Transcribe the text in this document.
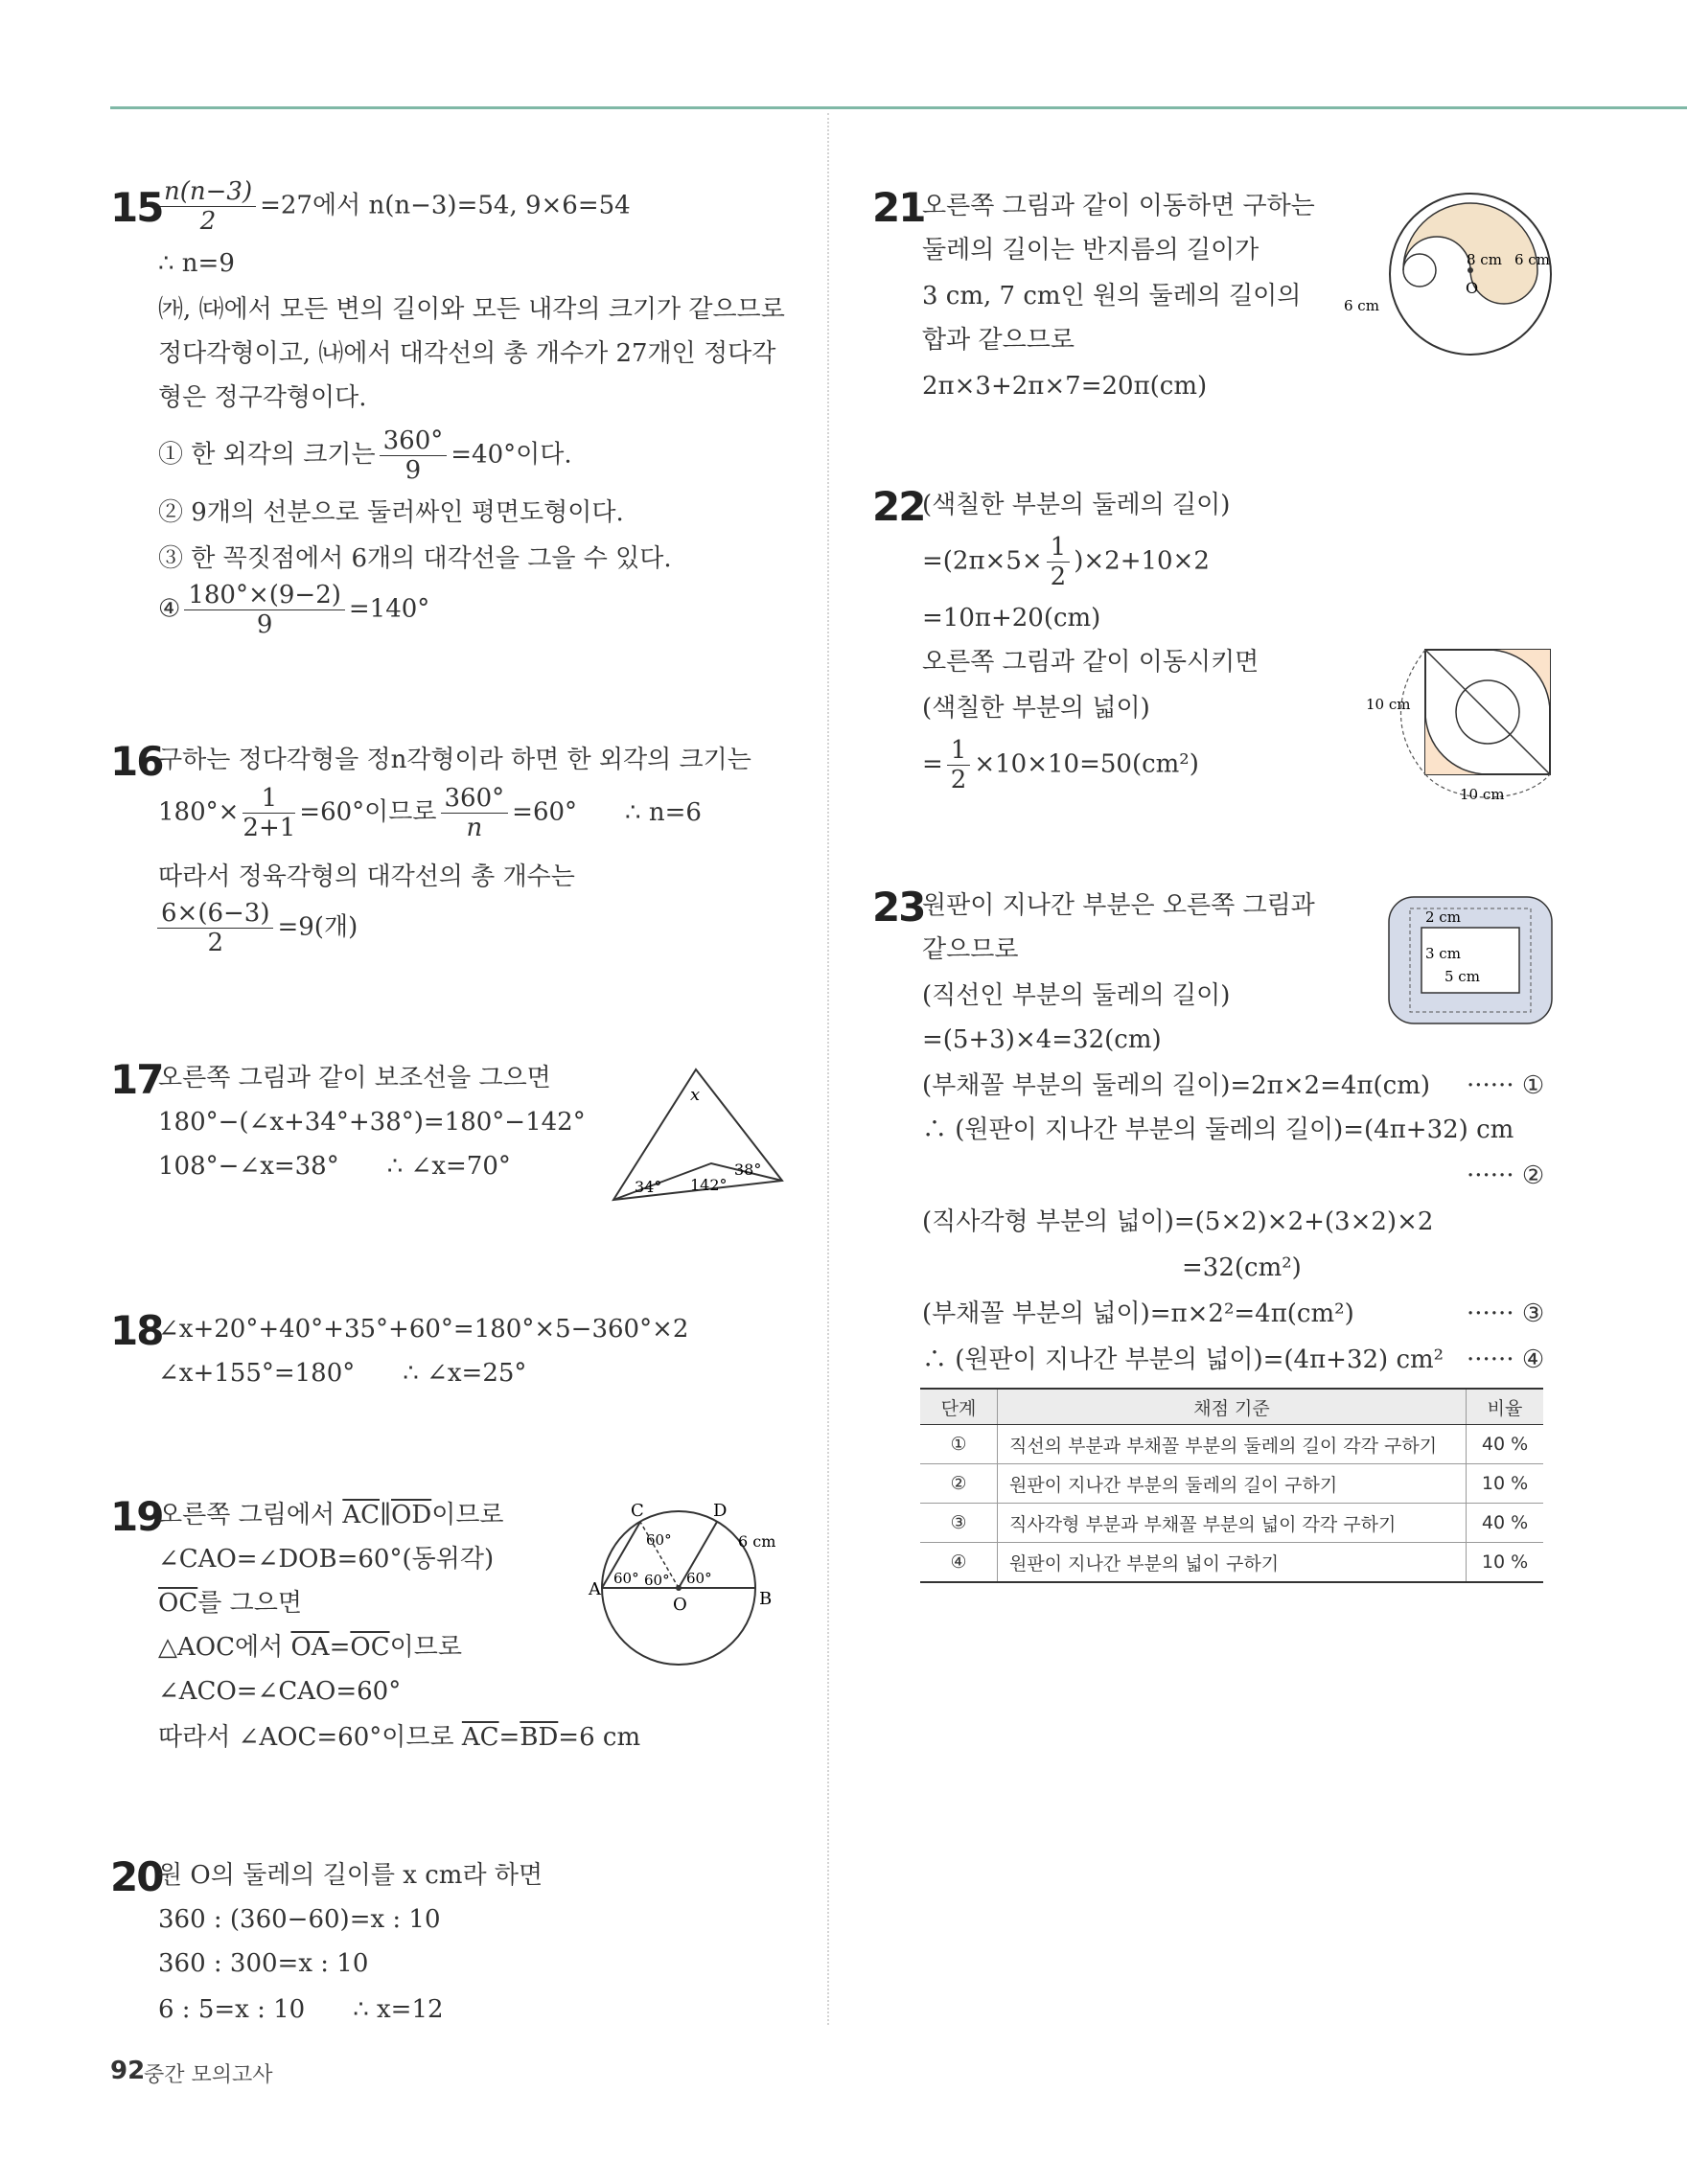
15
$\frac{n(n-3)}{2} =27$에서 n(n−3)=54, 9×6=54
∴ n=9
㈎, ㈐에서 모든 변의 길이와 모든 내각의 크기가 같으므로
정다각형이고, ㈏에서 대각선의 총 개수가 27개인 정다각
형은 정구각형이다.
① 한 외각의 크기는 $\frac{360^\circ}{9} =40^\circ$이다.
② 9개의 선분으로 둘러싸인 평면도형이다.
③ 한 꼭짓점에서 6개의 대각선을 그을 수 있다.
④ $\frac{180^\circ\times(9-2)}{9} =140^\circ$
16
구하는 정다각형을 정n각형이라 하면 한 외각의 크기는
$180^\circ\times \frac{1}{2+1} =60^\circ$이므로 $\frac{360^\circ}{n} =60^\circ$ ∴ n=6
따라서 정육각형의 대각선의 총 개수는
$\frac{6\times(6-3)}{2} =9$(개)
17
오른쪽 그림과 같이 보조선을 그으면
180°−(∠x+34°+38°)=180°−142°
108°−∠x=38° ∴ ∠x=70°
x
34° 142°
38°
18
∠x+20°+40°+35°+60°=180°×5−360°×2
∠x+155°=180° ∴ ∠x=25°
19
오른쪽 그림에서 $\overline{AC}\parallel\overline{OD}$이므로
∠CAO=∠DOB=60°(동위각)
$\overline{OC}$를 그으면
△AOC에서 $\overline{OA}=\overline{OC}$이므로
∠ACO=∠CAO=60°
따라서 ∠AOC=60°이므로 $\overline{AC}=\overline{BD}=6$ cm
A	B
C	D
O
60°
60° 60° 60°
6 cm
20
원 O의 둘레의 길이를 x cm라 하면
360 : (360−60)=x : 10
360 : 300=x : 10
6 : 5=x : 10 ∴ x=12
21
오른쪽 그림과 같이 이동하면 구하는
둘레의 길이는 반지름의 길이가
3 cm, 7 cm인 원의 둘레의 길이의
합과 같으므로
2π×3+2π×7=20π(cm)
O
8 cm 6 cm
6 cm
22
(색칠한 부분의 둘레의 길이)
$=(2\pi\times 5\times \frac{1}{2} )\times 2+10\times 2$
=10π+20(cm)
오른쪽 그림과 같이 이동시키면
(색칠한 부분의 넓이)
= $\frac{1}{2} \times 10\times 10=50(cm^2)$
10 cm
10 cm
23
원판이 지나간 부분은 오른쪽 그림과
같으므로
(직선인 부분의 둘레의 길이)
=(5+3)×4=32(cm)
(부채꼴 부분의 둘레의 길이)=2π×2=4π(cm) ······ ①
∴ (원판이 지나간 부분의 둘레의 길이)=(4π+32) cm
······ ②
(직사각형 부분의 넓이)=(5×2)×2+(3×2)×2
=32(cm²)
(부채꼴 부분의 넓이)=π×2²=4π(cm²)	······ ③
∴ (원판이 지나간 부분의 넓이)=(4π+32) cm² ······ ④
2 cm
3 cm
5 cm
단계	채점 기준	비율
①	직선의 부분과 부채꼴 부분의 둘레의 길이 각각 구하기	40 %
②	원판이 지나간 부분의 둘레의 길이 구하기	10 %
③	직사각형 부분과 부채꼴 부분의 넓이 각각 구하기	40 %
④	원판이 지나간 부분의 넓이 구하기	10 %
92
중간 모의고사
